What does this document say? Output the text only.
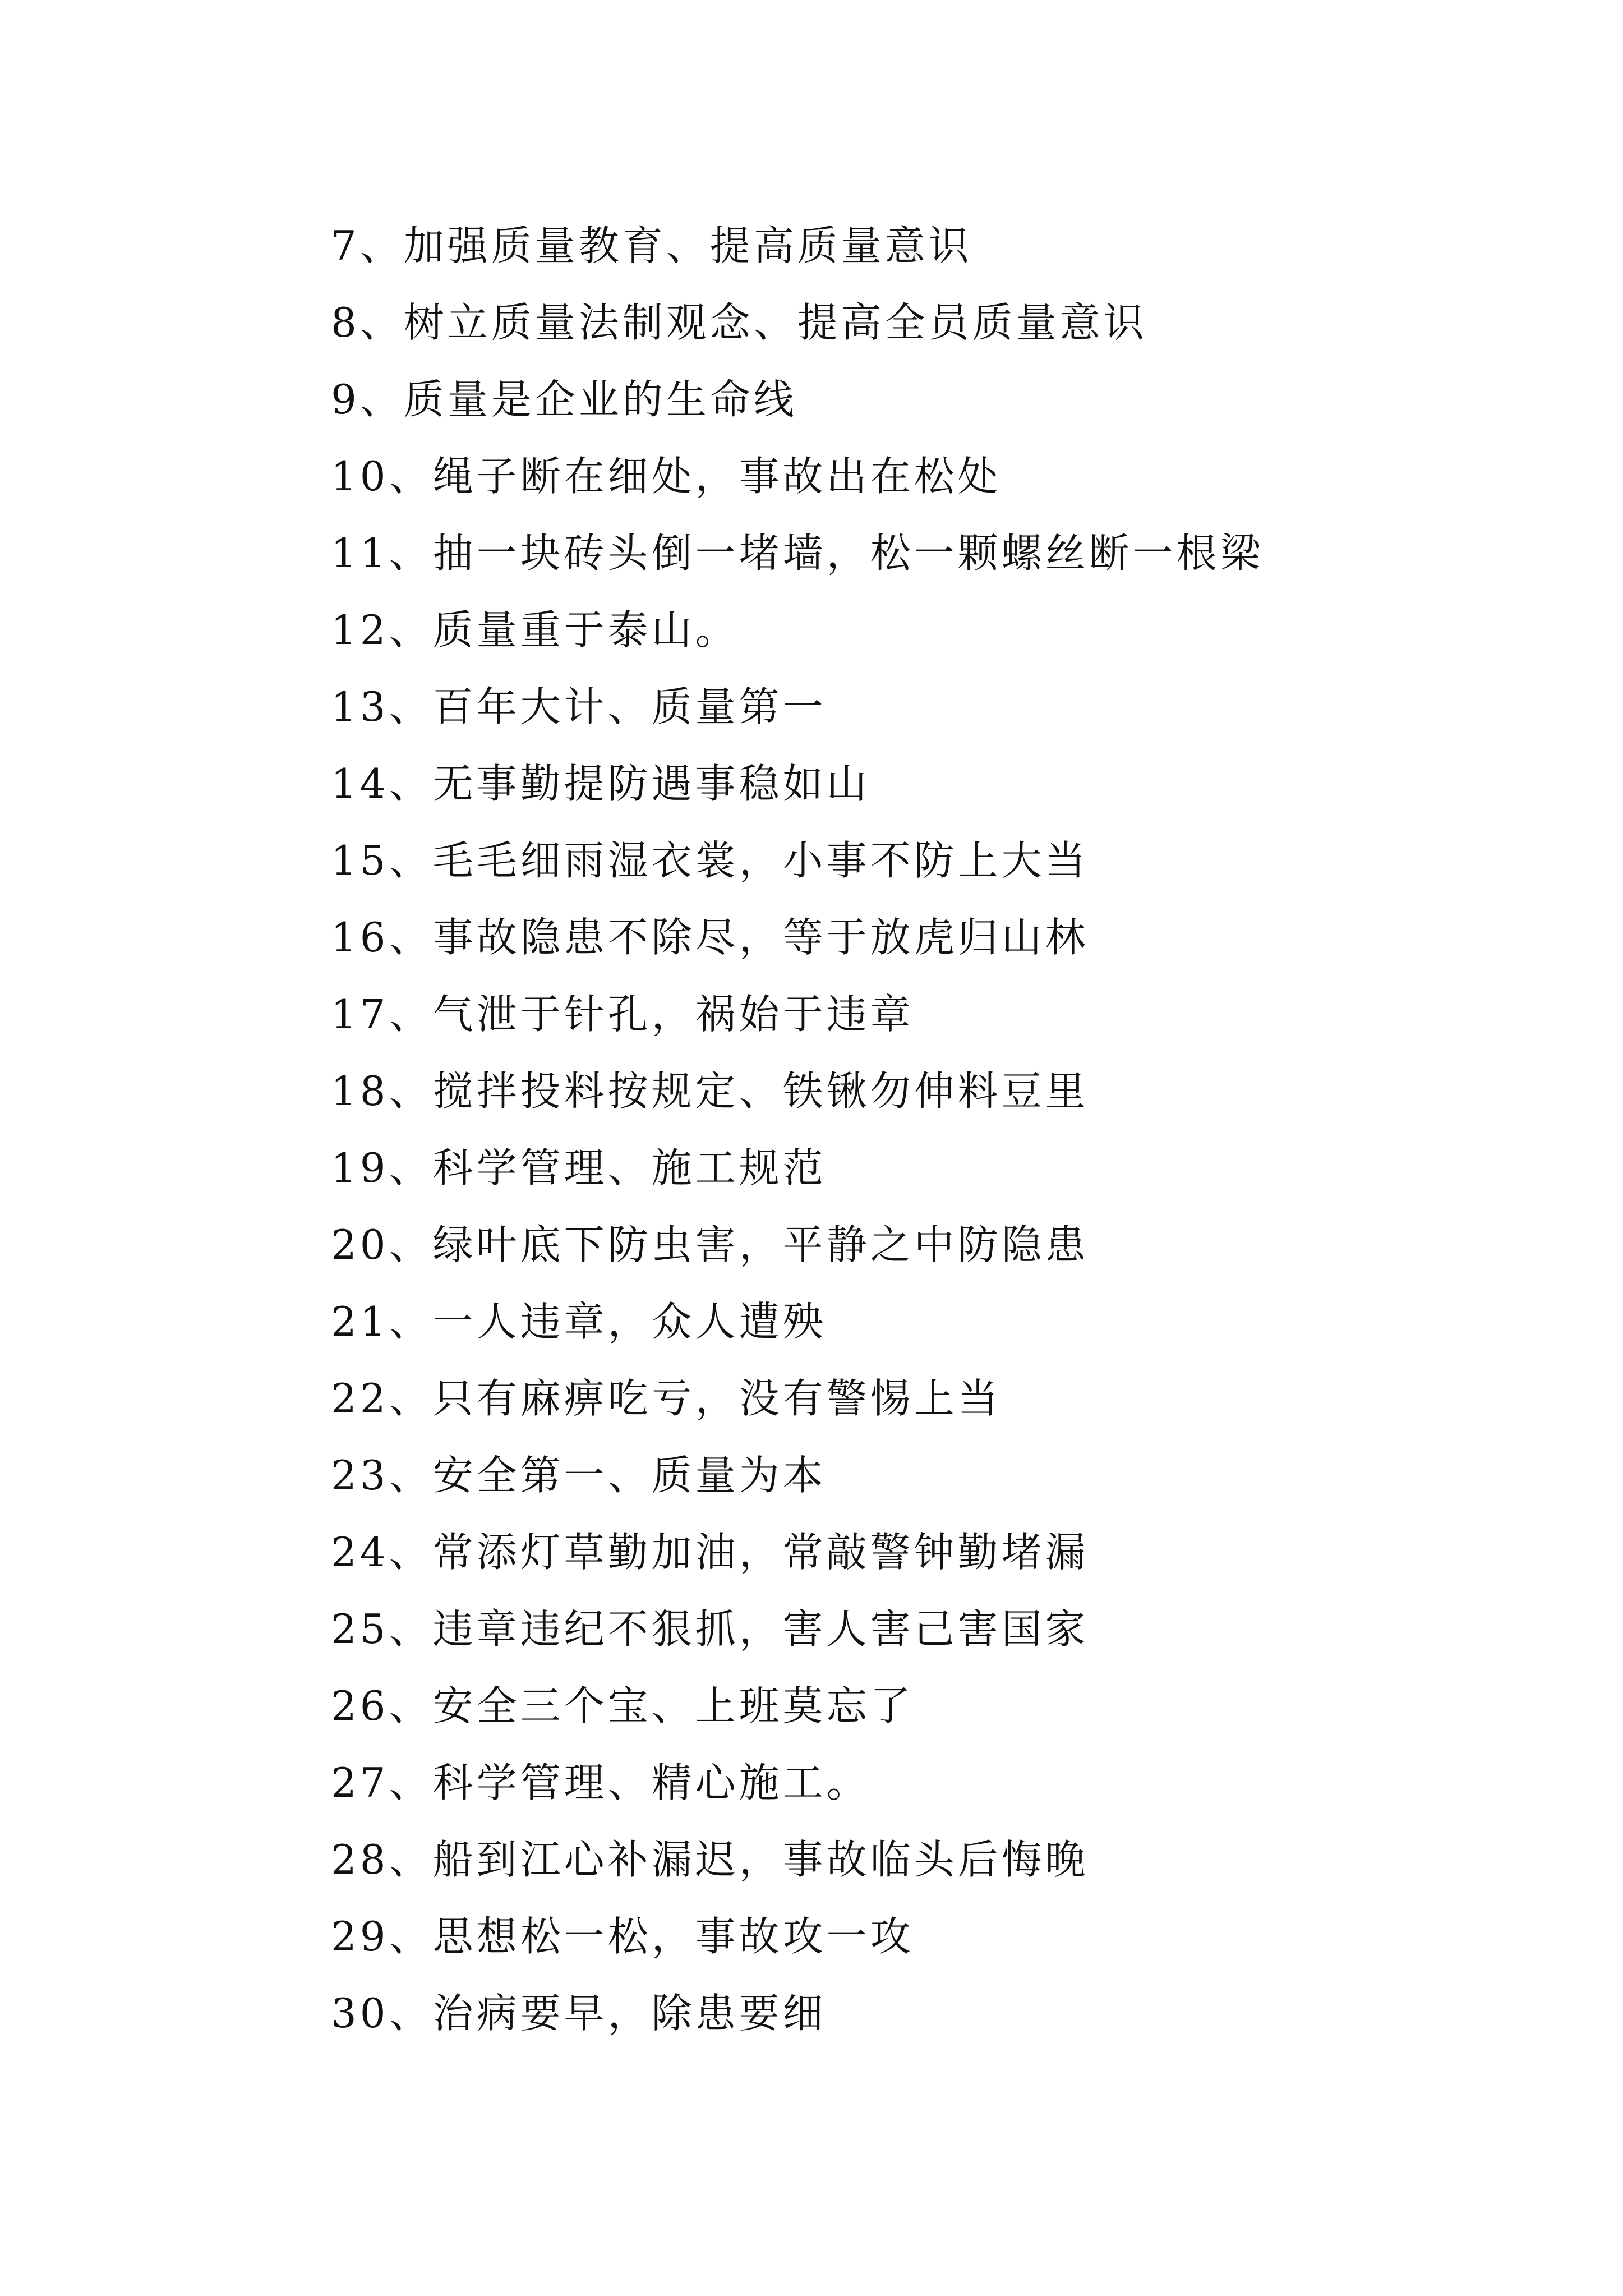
7、加强质量教育、提高质量意识
8、树立质量法制观念、提高全员质量意识
9、质量是企业的生命线
10、绳子断在细处，事故出在松处
11、抽一块砖头倒一堵墙，松一颗螺丝断一根梁
12、质量重于泰山。
13、百年大计、质量第一
14、无事勤提防遇事稳如山
15、毛毛细雨湿衣裳，小事不防上大当
16、事故隐患不除尽，等于放虎归山林
17、气泄于针孔，祸始于违章
18、搅拌投料按规定、铁锹勿伸料豆里
19、科学管理、施工规范
20、绿叶底下防虫害，平静之中防隐患
21、一人违章，众人遭殃
22、只有麻痹吃亏，没有警惕上当
23、安全第一、质量为本
24、常添灯草勤加油，常敲警钟勤堵漏
25、违章违纪不狠抓，害人害己害国家
26、安全三个宝、上班莫忘了
27、科学管理、精心施工。
28、船到江心补漏迟，事故临头后悔晚
29、思想松一松，事故攻一攻
30、治病要早，除患要细
